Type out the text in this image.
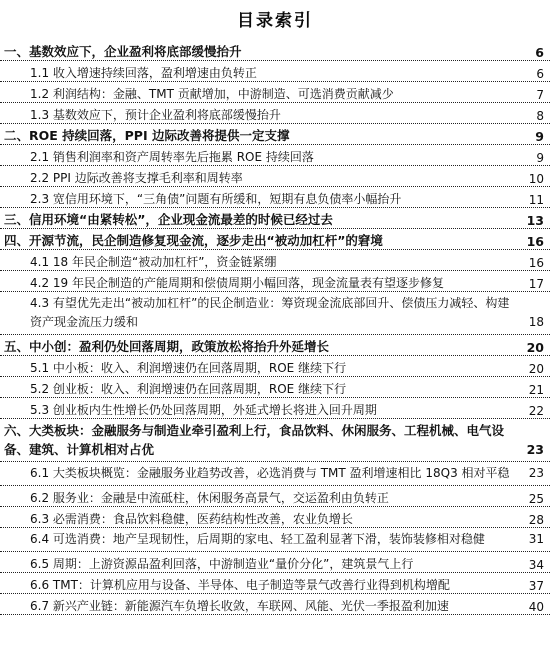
目录索引
一、基数效应下，企业盈利将底部缓慢抬升	6
1.1 收入增速持续回落，盈利增速由负转正	6
1.2 利润结构：金融、TMT 贡献增加，中游制造、可选消费贡献减少	7
1.3 基数效应下，预计企业盈利将底部缓慢抬升	8
二、ROE 持续回落，PPI 边际改善将提供一定支撑	9
2.1 销售利润率和资产周转率先后拖累 ROE 持续回落	9
2.2 PPI 边际改善将支撑毛利率和周转率	10
2.3 宽信用环境下，“三角债”问题有所缓和，短期有息负债率小幅抬升	11
三、信用环境“由紧转松”，企业现金流最差的时候已经过去	13
四、开源节流，民企制造修复现金流，逐步走出“被动加杠杆”的窘境	16
4.1 18 年民企制造“被动加杠杆”，资金链紧绷	16
4.2 19 年民企制造的产能周期和偿债周期小幅回落，现金流量表有望逐步修复	17
4.3 有望优先走出“被动加杠杆”的民企制造业：筹资现金流底部回升、偿债压力减轻、构建资产现金流压力缓和	18
五、中小创：盈利仍处回落周期，政策放松将抬升外延增长	20
5.1 中小板：收入、利润增速仍在回落周期，ROE 继续下行	20
5.2 创业板：收入、利润增速仍在回落周期，ROE 继续下行	21
5.3 创业板内生性增长仍处回落周期，外延式增长将进入回升周期	22
六、大类板块：金融服务与制造业牵引盈利上行，食品饮料、休闲服务、工程机械、电气设备、建筑、计算机相对占优	23
6.1 大类板块概览：金融服务业趋势改善，必选消费与 TMT 盈利增速相比 18Q3 相对平稳	23
6.2 服务业：金融是中流砥柱，休闲服务高景气，交运盈利由负转正	25
6.3 必需消费：食品饮料稳健，医药结构性改善，农业负增长	28
6.4 可选消费：地产呈现韧性，后周期的家电、轻工盈利显著下滑，装饰装修相对稳健	31
6.5 周期：上游资源品盈利回落，中游制造业“量价分化”，建筑景气上行	34
6.6 TMT：计算机应用与设备、半导体、电子制造等景气改善行业得到机构增配	37
6.7 新兴产业链：新能源汽车负增长收敛，车联网、风能、光伏一季报盈利加速	40
